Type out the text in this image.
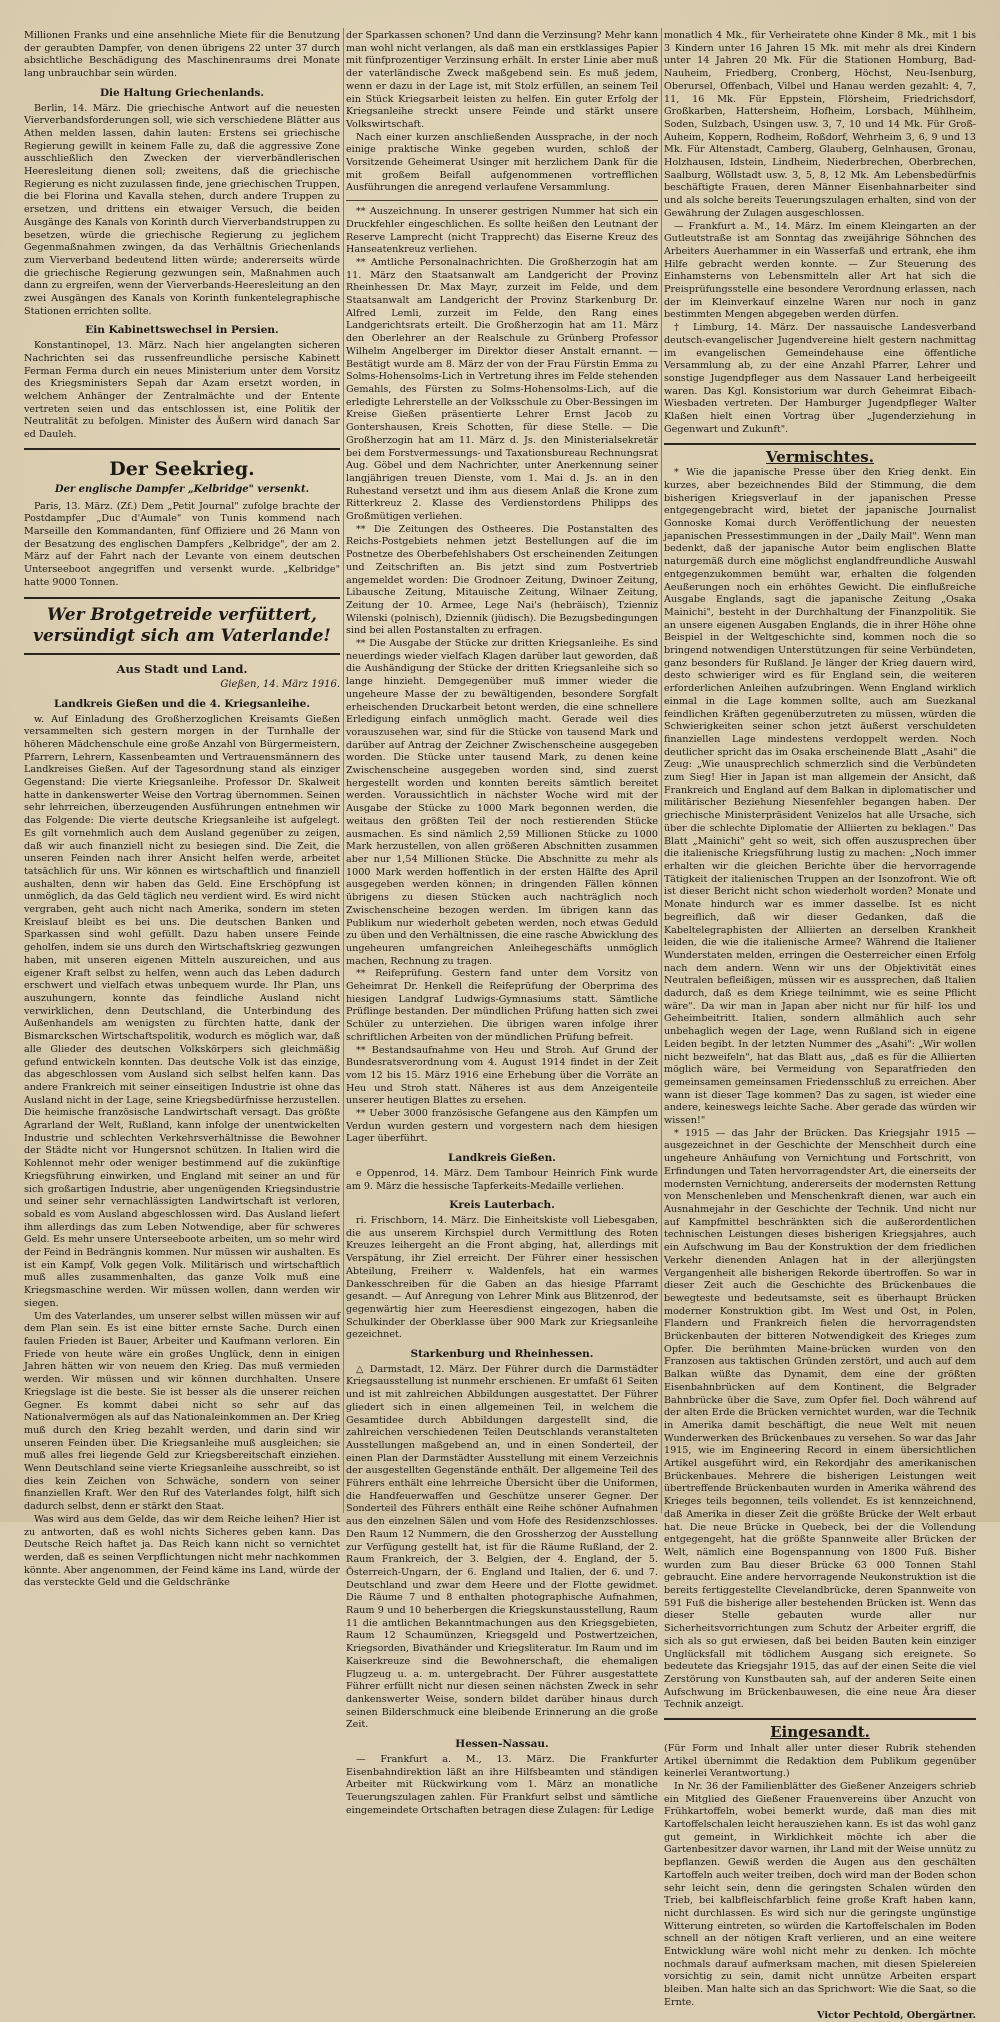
Millionen Franks und eine ansehnliche Miete für die Benutzung der geraubten Dampfer, von denen übrigens 22 unter 37 durch absichtliche Beschädigung des Maschinenraums drei Monate lang unbrauchbar sein würden.

Die Haltung Griechenlands.

Berlin, 14. März. Die griechische Antwort auf die neuesten Vierverbandsforderungen soll, wie sich verschiedene Blätter aus Athen melden lassen, dahin lauten: Erstens sei griechische Regierung gewillt in keinem Falle zu, daß die aggressive Zone ausschließlich den Zwecken der vierverbändlerischen Heeresleitung dienen soll; zweitens, daß die griechische Regierung es nicht zuzulassen finde, jene griechischen Truppen, die bei Florina und Kavalla stehen, durch andere Truppen zu ersetzen, und drittens ein etwaiger Versuch, die beiden Ausgänge des Kanals von Korinth durch Vierverbandstruppen zu besetzen, würde die griechische Regierung zu jeglichem Gegenmaßnahmen zwingen, da das Verhältnis Griechenlands zum Vierverband bedeutend litten würde; andererseits würde die griechische Regierung gezwungen sein, Maßnahmen auch dann zu ergreifen, wenn der Vierverbands-Heeresleitung an den zwei Ausgängen des Kanals von Korinth funkentelegraphische Stationen errichten sollte.

Ein Kabinettswechsel in Persien.

Konstantinopel, 13. März. Nach hier angelangten sicheren Nachrichten sei das russenfreundliche persische Kabinett Ferman Ferma durch ein neues Ministerium unter dem Vorsitz des Kriegsministers Sepah dar Azam ersetzt worden, in welchem Anhänger der Zentralmächte und der Entente vertreten seien und das entschlossen ist, eine Politik der Neutralität zu befolgen. Minister des Äußern wird danach Sar ed Dauleh.

Der Seekrieg.
Der englische Dampfer „Kelbridge" versenkt.

Paris, 13. März. (Zf.) Dem „Petit Journal" zufolge brachte der Postdampfer „Duc d'Aumale" von Tunis kommend nach Marseille den Kommandanten, fünf Offiziere und 26 Mann von der Besatzung des englischen Dampfers „Kelbridge", der am 2. März auf der Fahrt nach der Levante von einem deutschen Unterseeboot angegriffen und versenkt wurde. „Kelbridge" hatte 9000 Tonnen.

Wer Brotgetreide verfüttert, versündigt sich am Vaterlande!
Aus Stadt und Land.
Gießen, 14. März 1916.
Landkreis Gießen und die 4. Kriegsanleihe.

w. Auf Einladung des Großherzoglichen Kreisamts Gießen versammelten sich gestern morgen in der Turnhalle der höheren Mädchenschule eine große Anzahl von Bürgermeistern, Pfarrern, Lehrern, Kassenbeamten und Vertrauensmännern des Landkreises Gießen. Auf der Tagesordnung stand als einziger Gegenstand: Die vierte Kriegsanleihe. Professor Dr. Skalweit hatte in dankenswerter Weise den Vortrag übernommen. Seinen sehr lehrreichen, überzeugenden Ausführungen entnehmen wir das Folgende: Die vierte deutsche Kriegsanleihe ist aufgelegt. Es gilt vornehmlich auch dem Ausland gegenüber zu zeigen, daß wir auch finanziell nicht zu besiegen sind. Die Zeit, die unseren Feinden nach ihrer Ansicht helfen werde, arbeitet tatsächlich für uns. Wir können es wirtschaftlich und finanziell aushalten, denn wir haben das Geld. Eine Erschöpfung ist unmöglich, da das Geld täglich neu verdient wird. Es wird nicht vergraben, geht auch nicht nach Amerika, sondern im steten Kreislauf bleibt es bei uns. Die deutschen Banken und Sparkassen sind wohl gefüllt. Dazu haben unsere Feinde geholfen, indem sie uns durch den Wirtschaftskrieg gezwungen haben, mit unseren eigenen Mitteln auszureichen, und aus eigener Kraft selbst zu helfen, wenn auch das Leben dadurch erschwert und vielfach etwas unbequem wurde. Ihr Plan, uns auszuhungern, konnte das feindliche Ausland nicht verwirklichen, denn Deutschland, die Unterbindung des Außenhandels am wenigsten zu fürchten hatte, dank der Bismarckschen Wirtschaftspolitik, wodurch es möglich war, daß alle Glieder des deutschen Volkskörpers sich gleichmäßig gefund entwickeln konnten. Das deutsche Volk ist das einzige, das abgeschlossen vom Ausland sich selbst helfen kann. Das andere Frankreich mit seiner einseitigen Industrie ist ohne das Ausland nicht in der Lage, seine Kriegsbedürfnisse herzustellen. Die heimische französische Landwirtschaft versagt. Das größte Agrarland der Welt, Rußland, kann infolge der unentwickelten Industrie und schlechten Verkehrsverhältnisse die Bewohner der Städte nicht vor Hungersnot schützen. In Italien wird die Kohlennot mehr oder weniger bestimmend auf die zukünftige Kriegsführung einwirken, und England mit seiner an und für sich großartigen Industrie, aber ungenügenden Kriegsindustrie und seiner sehr vernachlässigten Landwirtschaft ist verloren, sobald es vom Ausland abgeschlossen wird. Das Ausland liefert ihm allerdings das zum Leben Notwendige, aber für schweres Geld. Es mehr unsere Unterseeboote arbeiten, um so mehr wird der Feind in Bedrängnis kommen. Nur müssen wir aushalten. Es ist ein Kampf, Volk gegen Volk. Militärisch und wirtschaftlich muß alles zusammenhalten, das ganze Volk muß eine Kriegsmaschine werden. Wir müssen wollen, dann werden wir siegen.

Um des Vaterlandes, um unserer selbst willen müssen wir auf dem Plan sein. Es ist eine bitter ernste Sache. Durch einen faulen Frieden ist Bauer, Arbeiter und Kaufmann verloren. Ein Friede von heute wäre ein großes Unglück, denn in einigen Jahren hätten wir von neuem den Krieg. Das muß vermieden werden. Wir müssen und wir können durchhalten. Unsere Kriegslage ist die beste. Sie ist besser als die unserer reichen Gegner. Es kommt dabei nicht so sehr auf das Nationalvermögen als auf das Nationaleinkommen an. Der Krieg muß durch den Krieg bezahlt werden, und darin sind wir unseren Feinden über. Die Kriegsanleihe muß ausgleichen; sie muß alles frei liegende Geld zur Kriegsbereitschaft einziehen. Wenn Deutschland seine vierte Kriegsanleihe ausschreibt, so ist dies kein Zeichen von Schwäche, sondern von seiner finanziellen Kraft. Wer den Ruf des Vaterlandes folgt, hilft sich dadurch selbst, denn er stärkt den Staat.

Was wird aus dem Gelde, das wir dem Reiche leihen? Hier ist zu antworten, daß es wohl nichts Sicheres geben kann. Das Deutsche Reich haftet ja. Das Reich kann nicht so vernichtet werden, daß es seinen Verpflichtungen nicht mehr nachkommen könnte. Aber angenommen, der Feind käme ins Land, würde der das versteckte Geld und die Geldschränke

der Sparkassen schonen? Und dann die Verzinsung? Mehr kann man wohl nicht verlangen, als daß man ein erstklassiges Papier mit fünfprozentiger Verzinsung erhält. In erster Linie aber muß der vaterländische Zweck maßgebend sein. Es muß jedem, wenn er dazu in der Lage ist, mit Stolz erfüllen, an seinem Teil ein Stück Kriegsarbeit leisten zu helfen. Ein guter Erfolg der Kriegsanleihe streckt unsere Feinde und stärkt unsere Volkswirtschaft.

Nach einer kurzen anschließenden Aussprache, in der noch einige praktische Winke gegeben wurden, schloß der Vorsitzende Geheimerat Usinger mit herzlichem Dank für die mit großem Beifall aufgenommenen vortrefflichen Ausführungen die anregend verlaufene Versammlung.

** Auszeichnung. In unserer gestrigen Nummer hat sich ein Druckfehler eingeschlichen. Es sollte heißen den Leutnant der Reserve Lamprecht (nicht Trapprecht) das Eiserne Kreuz des Hanseatenkreuz verliehen.

** Amtliche Personalnachrichten. Die Großherzogin hat am 11. März den Staatsanwalt am Landgericht der Provinz Rheinhessen Dr. Max Mayr, zurzeit im Felde, und dem Staatsanwalt am Landgericht der Provinz Starkenburg Dr. Alfred Lemli, zurzeit im Felde, den Rang eines Landgerichtsrats erteilt. Die Großherzogin hat am 11. März den Oberlehrer an der Realschule zu Grünberg Professor Wilhelm Angelberger im Direktor dieser Anstalt ernannt. — Bestätigt wurde am 8. März der von der Frau Fürstin Emma zu Solms-Hohensolms-Lich in Vertretung ihres im Felde stehenden Gemahls, des Fürsten zu Solms-Hohensolms-Lich, auf die erledigte Lehrerstelle an der Volksschule zu Ober-Bessingen im Kreise Gießen präsentierte Lehrer Ernst Jacob zu Gontershausen, Kreis Schotten, für diese Stelle. — Die Großherzogin hat am 11. März d. Js. den Ministerialsekretär bei dem Forstvermessungs- und Taxationsbureau Rechnungsrat Aug. Göbel und dem Nachrichter, unter Anerkennung seiner langjährigen treuen Dienste, vom 1. Mai d. Js. an in den Ruhestand versetzt und ihm aus diesem Anlaß die Krone zum Ritterkreuz 2. Klasse des Verdienstordens Philipps des Großmütigen verliehen.

** Die Zeitungen des Ostheeres. Die Postanstalten des Reichs-Postgebiets nehmen jetzt Bestellungen auf die im Postnetze des Oberbefehlshabers Ost erscheinenden Zeitungen und Zeitschriften an. Bis jetzt sind zum Postvertrieb angemeldet worden: Die Grodnoer Zeitung, Dwinoer Zeitung, Libausche Zeitung, Mitauische Zeitung, Wilnaer Zeitung, Zeitung der 10. Armee, Lege Nai's (hebräisch), Tzienniz Wilenski (polnisch), Dziennik (jüdisch). Die Bezugsbedingungen sind bei allen Postanstalten zu erfragen.

** Die Ausgabe der Stücke zur dritten Kriegsanleihe. Es sind neuerdings wieder vielfach Klagen darüber laut geworden, daß die Aushändigung der Stücke der dritten Kriegsanleihe sich so lange hinzieht. Demgegenüber muß immer wieder die ungeheure Masse der zu bewältigenden, besondere Sorgfalt erheischenden Druckarbeit betont werden, die eine schnellere Erledigung einfach unmöglich macht. Gerade weil dies vorauszusehen war, sind für die Stücke von tausend Mark und darüber auf Antrag der Zeichner Zwischenscheine ausgegeben worden. Die Stücke unter tausend Mark, zu denen keine Zwischenscheine ausgegeben worden sind, sind zuerst hergestellt worden und konnten bereits sämtlich bereitet werden. Voraussichtlich in nächster Woche wird mit der Ausgabe der Stücke zu 1000 Mark begonnen werden, die weitaus den größten Teil der noch restierenden Stücke ausmachen. Es sind nämlich 2,59 Millionen Stücke zu 1000 Mark herzustellen, von allen größeren Abschnitten zusammen aber nur 1,54 Millionen Stücke. Die Abschnitte zu mehr als 1000 Mark werden hoffentlich in der ersten Hälfte des April ausgegeben werden können; in dringenden Fällen können übrigens zu diesen Stücken auch nachträglich noch Zwischenscheine bezogen werden. Im übrigen kann das Publikum nur wiederholt gebeten werden, noch etwas Geduld zu üben und den Verhältnissen, die eine rasche Abwicklung des ungeheuren umfangreichen Anleihegeschäfts unmöglich machen, Rechnung zu tragen.

** Reifeprüfung. Gestern fand unter dem Vorsitz von Geheimrat Dr. Henkell die Reifeprüfung der Oberprima des hiesigen Landgraf Ludwigs-Gymnasiums statt. Sämtliche Prüflinge bestanden. Der mündlichen Prüfung hatten sich zwei Schüler zu unterziehen. Die übrigen waren infolge ihrer schriftlichen Arbeiten von der mündlichen Prüfung befreit.

** Bestandsaufnahme von Heu und Stroh. Auf Grund der Bundesratsverordnung vom 4. August 1914 findet in der Zeit vom 12 bis 15. März 1916 eine Erhebung über die Vorräte an Heu und Stroh statt. Näheres ist aus dem Anzeigenteile unserer heutigen Blattes zu ersehen.

** Ueber 3000 französische Gefangene aus den Kämpfen um Verdun wurden gestern und vorgestern nach dem hiesigen Lager überführt.

Landkreis Gießen.

e Oppenrod, 14. März. Dem Tambour Heinrich Fink wurde am 9. März die hessische Tapferkeits-Medaille verliehen.

Kreis Lauterbach.

ri. Frischborn, 14. März. Die Einheitskiste voll Liebesgaben, die aus unserem Kirchspiel durch Vermittlung des Roten Kreuzes leihergeht an die Front abging, hat, allerdings mit Verspätung, ihr Ziel erreicht. Der Führer einer hessischen Abteilung, Freiherr v. Waldenfels, hat ein warmes Dankesschreiben für die Gaben an das hiesige Pfarramt gesandt. — Auf Anregung von Lehrer Mink aus Blitzenrod, der gegenwärtig hier zum Heeresdienst eingezogen, haben die Schulkinder der Oberklasse über 900 Mark zur Kriegsanleihe gezeichnet.

Starkenburg und Rheinhessen.

△ Darmstadt, 12. März. Der Führer durch die Darmstädter Kriegsausstellung ist nunmehr erschienen. Er umfaßt 61 Seiten und ist mit zahlreichen Abbildungen ausgestattet. Der Führer gliedert sich in einen allgemeinen Teil, in welchem die Gesamtidee durch Abbildungen dargestellt sind, die zahlreichen verschiedenen Teilen Deutschlands veranstalteten Ausstellungen maßgebend an, und in einen Sonderteil, der einen Plan der Darmstädter Ausstellung mit einem Verzeichnis der ausgestellten Gegenstände enthält. Der allgemeine Teil des Führers enthält eine lehrreiche Übersicht über die Uniformen, die Handfeuerwaffen und Geschütze unserer Gegner. Der Sonderteil des Führers enthält eine Reihe schöner Aufnahmen aus den einzelnen Sälen und vom Hofe des Residenzschlosses. Den Raum 12 Nummern, die den Grossherzog der Ausstellung zur Verfügung gestellt hat, ist für die Räume Rußland, der 2. Raum Frankreich, der 3. Belgien, der 4. England, der 5. Österreich-Ungarn, der 6. England und Italien, der 6. und 7. Deutschland und zwar dem Heere und der Flotte gewidmet. Die Räume 7 und 8 enthalten photographische Aufnahmen, Raum 9 und 10 beherbergen die Kriegskunstausstellung, Raum 11 die amtlichen Bekanntmachungen aus den Kriegsgebieten, Raum 12 Schaumünzen, Kriegsgeld und Postwertzeichen, Kriegsorden, Bivathänder und Kriegsliteratur. Im Raum und im Kaiserkreuze sind die Bewohnerschaft, die ehemaligen Flugzeug u. a. m. untergebracht. Der Führer ausgestattete Führer erfüllt nicht nur diesen seinen nächsten Zweck in sehr dankenswerter Weise, sondern bildet darüber hinaus durch seinen Bilderschmuck eine bleibende Erinnerung an die große Zeit.

Hessen-Nassau.

— Frankfurt a. M., 13. März. Die Frankfurter Eisenbahndirektion läßt an ihre Hilfsbeamten und ständigen Arbeiter mit Rückwirkung vom 1. März an monatliche Teuerungszulagen zahlen. Für Frankfurt selbst und sämtliche eingemeindete Ortschaften betragen diese Zulagen: für Ledige

monatlich 4 Mk., für Verheiratete ohne Kinder 8 Mk., mit 1 bis 3 Kindern unter 16 Jahren 15 Mk. mit mehr als drei Kindern unter 14 Jahren 20 Mk. Für die Stationen Homburg, Bad-Nauheim, Friedberg, Cronberg, Höchst, Neu-Isenburg, Oberursel, Offenbach, Vilbel und Hanau werden gezahlt: 4, 7, 11, 16 Mk. Für Eppstein, Flörsheim, Friedrichsdorf, Großkarben, Hattersheim, Hofheim, Lorsbach, Mühlheim, Soden, Sulzbach, Usingen usw. 3, 7, 10 und 14 Mk. Für Groß-Auheim, Koppern, Rodheim, Roßdorf, Wehrheim 3, 6, 9 und 13 Mk. Für Altenstadt, Camberg, Glauberg, Gelnhausen, Gronau, Holzhausen, Idstein, Lindheim, Niederbrechen, Oberbrechen, Saalburg, Wöllstadt usw. 3, 5, 8, 12 Mk. Am Lebensbedürfnis beschäftigte Frauen, deren Männer Eisenbahnarbeiter sind und als solche bereits Teuerungszulagen erhalten, sind von der Gewährung der Zulagen ausgeschlossen.

— Frankfurt a. M., 14. März. Im einem Kleingarten an der Gutleutstraße ist am Sonntag das zweijährige Söhnchen des Arbeiters Auerhammer in ein Wasserfaß und ertrank, ehe ihm Hilfe gebracht werden konnte. — Zur Steuerung des Einhamsterns von Lebensmitteln aller Art hat sich die Preisprüfungsstelle eine besondere Verordnung erlassen, nach der im Kleinverkauf einzelne Waren nur noch in ganz bestimmten Mengen abgegeben werden dürfen.

† Limburg, 14. März. Der nassauische Landesverband deutsch-evangelischer Jugendvereine hielt gestern nachmittag im evangelischen Gemeindehause eine öffentliche Versammlung ab, zu der eine Anzahl Pfarrer, Lehrer und sonstige Jugendpfleger aus dem Nassauer Land herbeigeeilt waren. Das Kgl. Konsistorium war durch Geheimrat Eibach-Wiesbaden vertreten. Der Hamburger Jugendpfleger Walter Klaßen hielt einen Vortrag über „Jugenderziehung in Gegenwart und Zukunft".

Vermischtes.

* Wie die japanische Presse über den Krieg denkt. Ein kurzes, aber bezeichnendes Bild der Stimmung, die dem bisherigen Kriegsverlauf in der japanischen Presse entgegengebracht wird, bietet der japanische Journalist Gonnoske Komai durch Veröffentlichung der neuesten japanischen Pressestimmungen in der „Daily Mail". Wenn man bedenkt, daß der japanische Autor beim englischen Blatte naturgemäß durch eine möglichst englandfreundliche Auswahl entgegenzukommen bemüht war, erhalten die folgenden Aeußerungen noch ein erhöhtes Gewicht. Die einflußreiche Ausgabe Englands, sagt die japanische Zeitung „Osaka Mainichi", besteht in der Durchhaltung der Finanzpolitik. Sie an unsere eigenen Ausgaben Englands, die in ihrer Höhe ohne Beispiel in der Weltgeschichte sind, kommen noch die so bringend notwendigen Unterstützungen für seine Verbündeten, ganz besonders für Rußland. Je länger der Krieg dauern wird, desto schwieriger wird es für England sein, die weiteren erforderlichen Anleihen aufzubringen. Wenn England wirklich einmal in die Lage kommen sollte, auch am Suezkanal feindlichen Kräften gegenüberzutreten zu müssen, würden die Schwierigkeiten seiner schon jetzt äußerst verschuldeten finanziellen Lage mindestens verdoppelt werden. Noch deutlicher spricht das im Osaka erscheinende Blatt „Asahi" die Zeug: „Wie unausprechlich schmerzlich sind die Verbündeten zum Sieg! Hier in Japan ist man allgemein der Ansicht, daß Frankreich und England auf dem Balkan in diplomatischer und militärischer Beziehung Niesenfehler begangen haben. Der griechische Ministerpräsident Venizelos hat alle Ursache, sich über die schlechte Diplomatie der Alliierten zu beklagen." Das Blatt „Mainichi" geht so weit, sich offen auszusprechen über die italienische Kriegsführung lustig zu machen: „Noch immer erhalten wir die gleichen Berichte über die hervorragende Tätigkeit der italienischen Truppen an der Isonzofront. Wie oft ist dieser Bericht nicht schon wiederholt worden? Monate und Monate hindurch war es immer dasselbe. Ist es nicht begreiflich, daß wir dieser Gedanken, daß die Kabeltelegraphisten der Alliierten an derselben Krankheit leiden, die wie die italienische Armee? Während die Italiener Wunderstaten melden, erringen die Oesterreicher einen Erfolg nach dem andern. Wenn wir uns der Objektivität eines Neutralen befleißigen, müssen wir es aussprechen, daß Italien dadurch, daß es dem Kriege teilnimmt, wie es seine Pflicht wäre". Da wir man in Japan aber nicht nur für hilf- los und Geheimbeitritt. Italien, sondern allmählich auch sehr unbehaglich wegen der Lage, wenn Rußland sich in eigene Leiden begibt. In der letzten Nummer des „Asahi": „Wir wollen nicht bezweifeln", hat das Blatt aus, „daß es für die Alliierten möglich wäre, bei Vermeidung von Separatfrieden den gemeinsamen gemeinsamen Friedensschluß zu erreichen. Aber wann ist dieser Tage kommen? Das zu sagen, ist wieder eine andere, keineswegs leichte Sache. Aber gerade das würden wir wissen!"

* 1915 — das Jahr der Brücken. Das Kriegsjahr 1915 — ausgezeichnet in der Geschichte der Menschheit durch eine ungeheure Anhäufung von Vernichtung und Fortschritt, von Erfindungen und Taten hervorragendster Art, die einerseits der modernsten Vernichtung, andererseits der modernsten Rettung von Menschenleben und Menschenkraft dienen, war auch ein Ausnahmejahr in der Geschichte der Technik. Und nicht nur auf Kampfmittel beschränkten sich die außerordentlichen technischen Leistungen dieses bisherigen Kriegsjahres, auch ein Aufschwung im Bau der Konstruktion der dem friedlichen Verkehr dienenden Anlagen hat in der allerjüngsten Vergangenheit alle bisherigen Rekorde übertroffen. So war in dieser Zeit auch die Geschichte des Brückenbaues die bewegteste und bedeutsamste, seit es überhaupt Brücken moderner Konstruktion gibt. Im West und Ost, in Polen, Flandern und Frankreich fielen die hervorragendsten Brückenbauten der bitteren Notwendigkeit des Krieges zum Opfer. Die berühmten Maine-brücken wurden von den Franzosen aus taktischen Gründen zerstört, und auch auf dem Balkan wüßte das Dynamit, dem eine der größten Eisenbahnbrücken auf dem Kontinent, die Belgrader Bahnbrücke über die Save, zum Opfer fiel. Doch während auf der alten Erde die Brücken vernichtet wurden, war die Technik in Amerika damit beschäftigt, die neue Welt mit neuen Wunderwerken des Brückenbaues zu versehen. So war das Jahr 1915, wie im Engineering Record in einem übersichtlichen Artikel ausgeführt wird, ein Rekordjahr des amerikanischen Brückenbaues. Mehrere die bisherigen Leistungen weit übertreffende Brückenbauten wurden in Amerika während des Krieges teils begonnen, teils vollendet. Es ist kennzeichnend, daß Amerika in dieser Zeit die größte Brücke der Welt erbaut hat. Die neue Brücke in Quebeck, bei der die Vollendung entgegengeht, hat die größte Spannweite aller Brücken der Welt, nämlich eine Bogenspannung von 1800 Fuß. Bisher wurden zum Bau dieser Brücke 63 000 Tonnen Stahl gebraucht. Eine andere hervorragende Neukonstruktion ist die bereits fertiggestellte Clevelandbrücke, deren Spannweite von 591 Fuß die bisherige aller bestehenden Brücken ist. Wenn das dieser Stelle gebauten wurde aller nur Sicherheitsvorrichtungen zum Schutz der Arbeiter ergriff, die sich als so gut erwiesen, daß bei beiden Bauten kein einziger Unglücksfall mit tödlichem Ausgang sich ereignete. So bedeutete das Kriegsjahr 1915, das auf der einen Seite die viel Zerstörung von Kunstbauten sah, auf der anderen Seite einen Aufschwung im Brückenbauwesen, die eine neue Ära dieser Technik anzeigt.

Eingesandt.

(Für Form und Inhalt aller unter dieser Rubrik stehenden Artikel übernimmt die Redaktion dem Publikum gegenüber keinerlei Verantwortung.)

In Nr. 36 der Familienblätter des Gießener Anzeigers schrieb ein Mitglied des Gießener Frauenvereins über Anzucht von Frühkartoffeln, wobei bemerkt wurde, daß man dies mit Kartoffelschalen leicht herausziehen kann. Es ist das wohl ganz gut gemeint, in Wirklichkeit möchte ich aber die Gartenbesitzer davor warnen, ihr Land mit der Weise unnütz zu bepflanzen. Gewiß werden die Augen aus den geschälten Kartoffeln auch weiter treiben, doch wird man der Boden schon sehr leicht sein, denn die geringsten Schalen würden den Trieb, bei kalbfleischfarblich feine große Kraft haben kann, nicht durchlassen. Es wird sich nur die geringste ungünstige Witterung eintreten, so würden die Kartoffelschalen im Boden schnell an der nötigen Kraft verlieren, und an eine weitere Entwicklung wäre wohl nicht mehr zu denken. Ich möchte nochmals darauf aufmerksam machen, mit diesen Spielereien vorsichtig zu sein, damit nicht unnütze Arbeiten erspart bleiben. Man halte sich an das Sprichwort: Wie die Saat, so die Ernte.

Victor Pechtold, Obergärtner.
